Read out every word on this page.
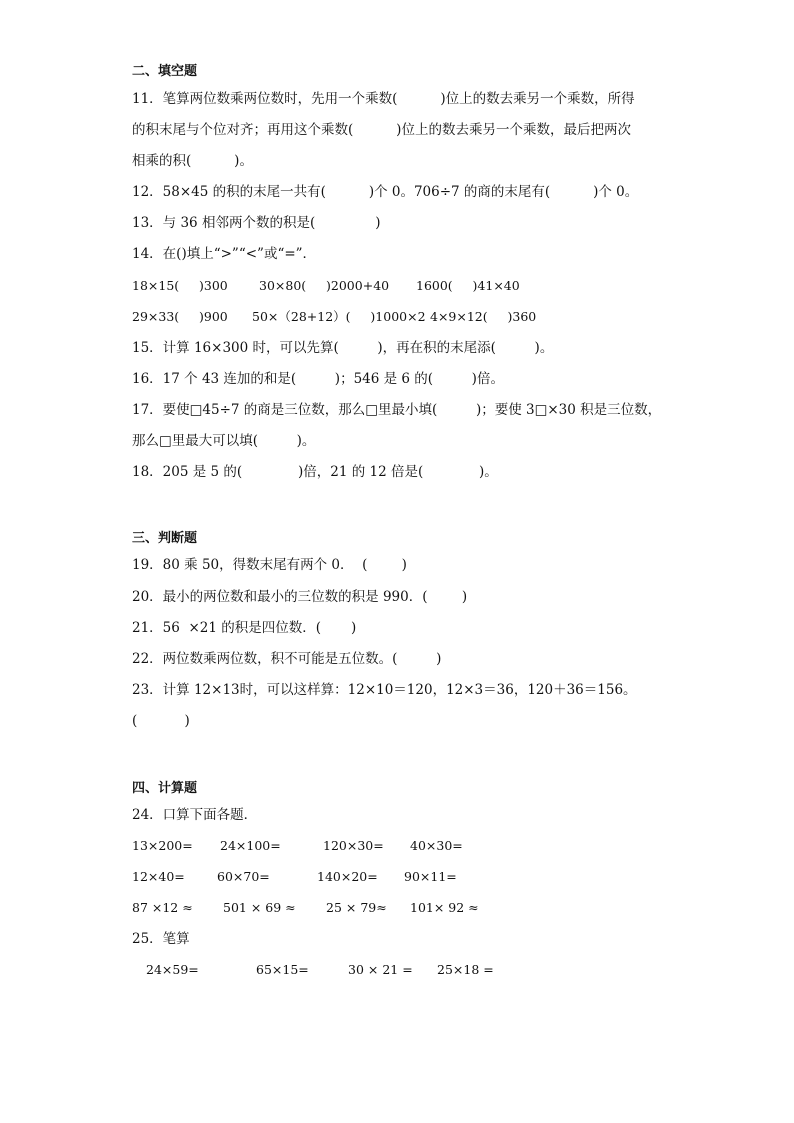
二、填空题
11．笔算两位数乘两位数时，先用一个乘数(          )位上的数去乘另一个乘数，所得
的积末尾与个位对齐；再用这个乘数(          )位上的数去乘另一个乘数，最后把两次
相乘的积(          )。
12．58×45 的积的末尾一共有(          )个 0。706÷7 的商的末尾有(          )个 0。
13．与 36 相邻两个数的积是(              )
14．在()填上“>”“<”或“=”．
18×15(     )300 30×80(     )2000+40 1600(     )41×40
29×33(     )900 50×（28+12）(     )1000×2 4×9×12(     )360
15．计算 16×300 时，可以先算(         )，再在积的末尾添(         )。
16．17 个 43 连加的和是(         )；546 是 6 的(         )倍。
17．要使□45÷7 的商是三位数，那么□里最小填(         )；要使 3□×30 积是三位数，
那么□里最大可以填(         )。
18．205 是 5 的(             )倍，21 的 12 倍是(             )。
三、判断题
19．80 乘 50，得数末尾有两个 0．  (        )
20．最小的两位数和最小的三位数的积是 990．(        )
21．56  ×21 的积是四位数．(       )
22．两位数乘两位数，积不可能是五位数。(         )
23．计算 12×13时，可以这样算：12×10＝120，12×3＝36，120＋36＝156。
(           )
四、计算题
24．口算下面各题．
13×200= 24×100=	120×30= 40×30=
12×40=	60×70=	140×20= 90×11=
87 ×12 ≈ 501 × 69 ≈ 25 × 79≈ 101× 92 ≈
25．笔算
24×59=	65×15=	30 × 21 = 25×18 =
